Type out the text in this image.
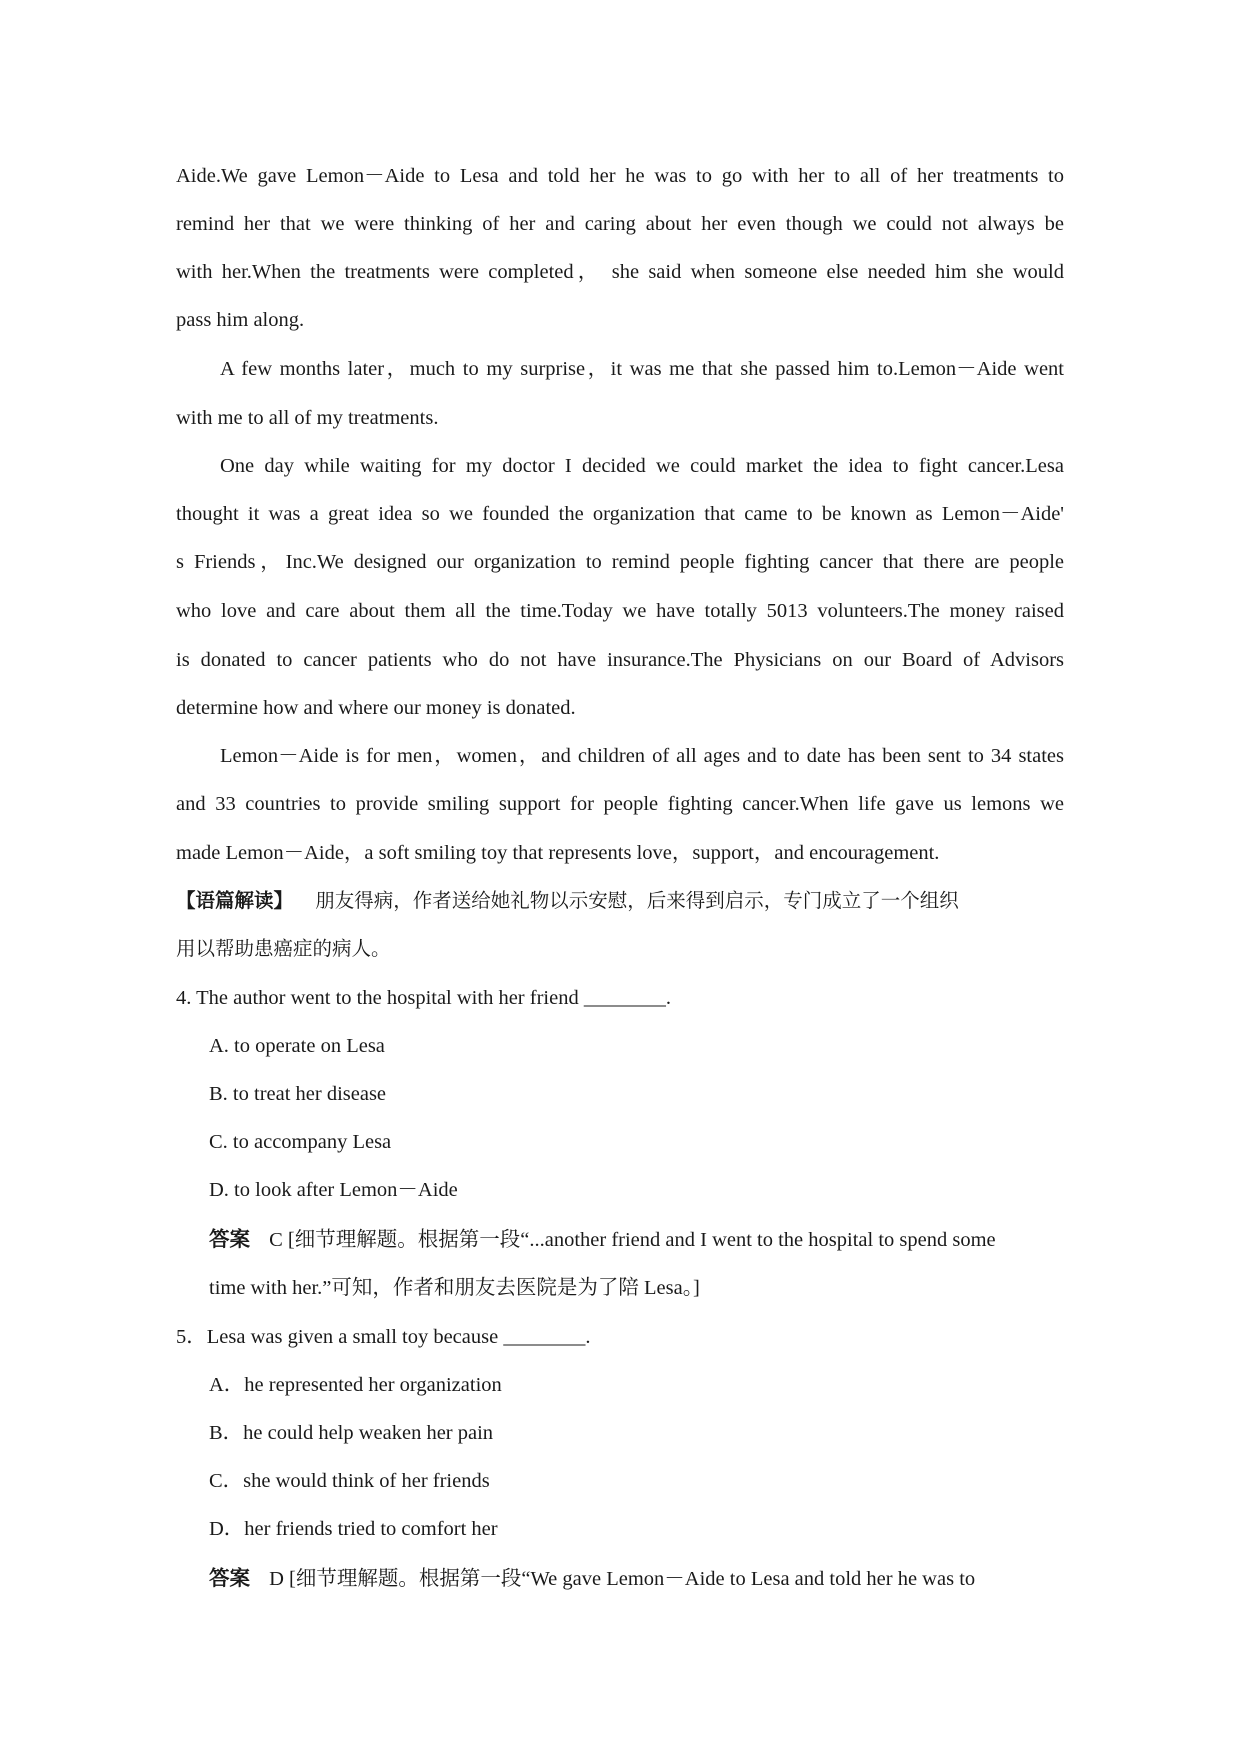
Aide.We gave Lemon－Aide to Lesa and told her he was to go with her to all of her treatments to
remind her that we were thinking of her and caring about her even though we could not always be
with her.When the treatments were completed， she said when someone else needed him she would
pass him along.
A few months later，much to my surprise，it was me that she passed him to.Lemon－Aide went
with me to all of my treatments.
One day while waiting for my doctor I decided we could market the idea to fight cancer.Lesa
thought it was a great idea so we founded the organization that came to be known as Lemon－Aide'
s Friends，Inc.We designed our organization to remind people fighting cancer that there are people
who love and care about them all the time.Today we have totally 5013 volunteers.The money raised
is donated to cancer patients who do not have insurance.The Physicians on our Board of Advisors
determine how and where our money is donated.
Lemon－Aide is for men，women，and children of all ages and to date has been sent to 34 states
and 33 countries to provide smiling support for people fighting cancer.When life gave us lemons we
made Lemon－Aide，a soft smiling toy that represents love，support，and encouragement.
【语篇解读】 朋友得病，作者送给她礼物以示安慰，后来得到启示，专门成立了一个组织
用以帮助患癌症的病人。
4. The author went to the hospital with her friend ________.
A. to operate on Lesa
B. to treat her disease
C. to accompany Lesa
D. to look after Lemon－Aide
答案 C [细节理解题。根据第一段“...another friend and I went to the hospital to spend some
time with her.”可知，作者和朋友去医院是为了陪 Lesa。]
5．Lesa was given a small toy because ________.
A．he represented her organization
B．he could help weaken her pain
C．she would think of her friends
D．her friends tried to comfort her
答案 D [细节理解题。根据第一段“We gave Lemon－Aide to Lesa and told her he was to
